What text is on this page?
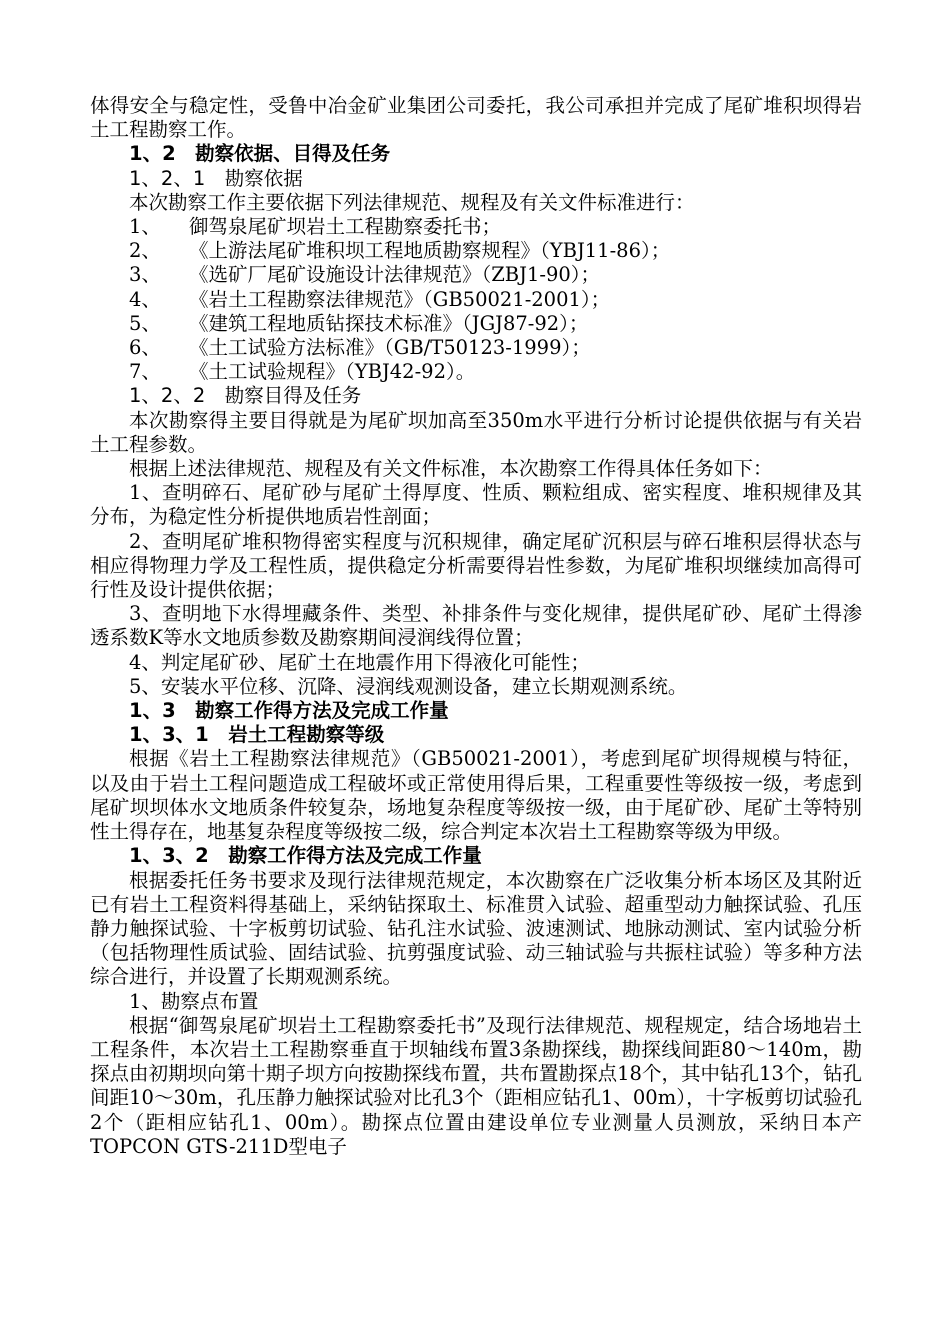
体得安全与稳定性，受鲁中冶金矿业集团公司委托，我公司承担并完成了尾矿堆积坝得岩土工程勘察工作。

1、2　勘察依据、目得及任务

1、2、1　勘察依据

本次勘察工作主要依据下列法律规范、规程及有关文件标准进行：

1、 御驾泉尾矿坝岩土工程勘察委托书；

2、 《上游法尾矿堆积坝工程地质勘察规程》（YBJ11-86）；

3、 《选矿厂尾矿设施设计法律规范》（ZBJ1-90）；

4、 《岩土工程勘察法律规范》（GB50021-2001）；

5、 《建筑工程地质钻探技术标准》（JGJ87-92）；

6、 《土工试验方法标准》（GB/T50123-1999）；

7、 《土工试验规程》（YBJ42-92）。

1、2、2　勘察目得及任务

本次勘察得主要目得就是为尾矿坝加高至350m水平进行分析讨论提供依据与有关岩土工程参数。

根据上述法律规范、规程及有关文件标准，本次勘察工作得具体任务如下：

1、查明碎石、尾矿砂与尾矿土得厚度、性质、颗粒组成、密实程度、堆积规律及其分布，为稳定性分析提供地质岩性剖面；

2、查明尾矿堆积物得密实程度与沉积规律，确定尾矿沉积层与碎石堆积层得状态与相应得物理力学及工程性质，提供稳定分析需要得岩性参数，为尾矿堆积坝继续加高得可行性及设计提供依据；

3、查明地下水得埋藏条件、类型、补排条件与变化规律，提供尾矿砂、尾矿土得渗透系数K等水文地质参数及勘察期间浸润线得位置；

4、判定尾矿砂、尾矿土在地震作用下得液化可能性；

5、安装水平位移、沉降、浸润线观测设备，建立长期观测系统。

1、3　勘察工作得方法及完成工作量

1、3、1　岩土工程勘察等级

根据《岩土工程勘察法律规范》（GB50021-2001），考虑到尾矿坝得规模与特征，以及由于岩土工程问题造成工程破坏或正常使用得后果，工程重要性等级按一级，考虑到尾矿坝坝体水文地质条件较复杂，场地复杂程度等级按一级，由于尾矿砂、尾矿土等特别性土得存在，地基复杂程度等级按二级，综合判定本次岩土工程勘察等级为甲级。

1、3、2　勘察工作得方法及完成工作量

根据委托任务书要求及现行法律规范规定，本次勘察在广泛收集分析本场区及其附近已有岩土工程资料得基础上，采纳钻探取土、标准贯入试验、超重型动力触探试验、孔压静力触探试验、十字板剪切试验、钻孔注水试验、波速测试、地脉动测试、室内试验分析（包括物理性质试验、固结试验、抗剪强度试验、动三轴试验与共振柱试验）等多种方法综合进行，并设置了长期观测系统。

1、勘察点布置

根据“御驾泉尾矿坝岩土工程勘察委托书”及现行法律规范、规程规定，结合场地岩土工程条件，本次岩土工程勘察垂直于坝轴线布置3条勘探线，勘探线间距80～140m，勘探点由初期坝向第十期子坝方向按勘探线布置，共布置勘探点18个，其中钻孔13个，钻孔间距10～30m，孔压静力触探试验对比孔3个（距相应钻孔1、00m），十字板剪切试验孔2个（距相应钻孔1、00m）。勘探点位置由建设单位专业测量人员测放，采纳日本产TOPCON GTS-211D型电子
